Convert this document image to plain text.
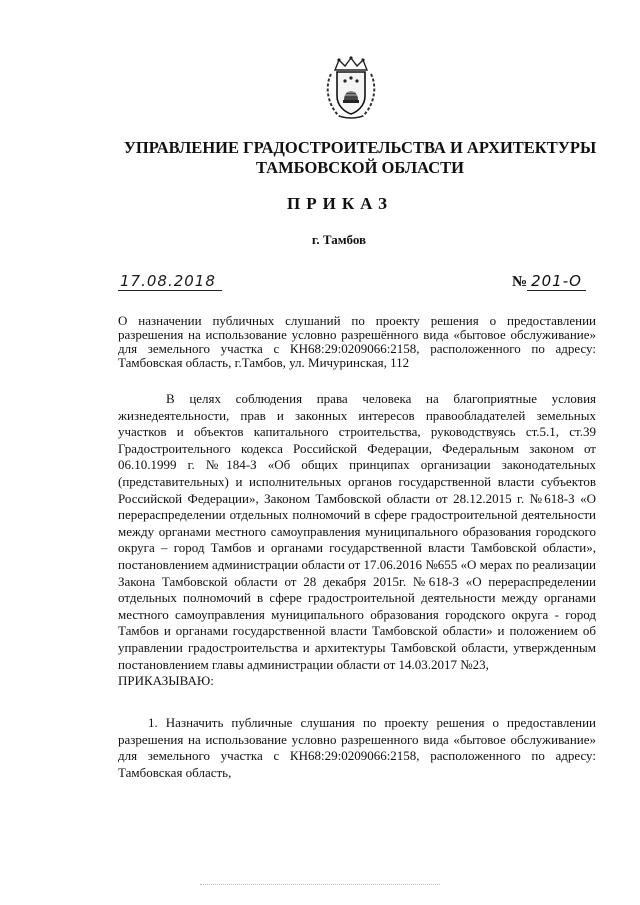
УПРАВЛЕНИЕ ГРАДОСТРОИТЕЛЬСТВА И АРХИТЕКТУРЫ
ТАМБОВСКОЙ ОБЛАСТИ
ПРИКАЗ
г. Тамбов
17.08.2018	№ 201-О
О назначении публичных слушаний по проекту решения о предоставлении разрешения на использование условно разрешённого вида «бытовое обслуживание» для земельного участка с КН68:29:0209066:2158, расположенного по адресу: Тамбовская область, г.Тамбов, ул. Мичуринская, 112

В целях соблюдения права человека на благоприятные условия жизнедеятельности, прав и законных интересов правообладателей земельных участков и объектов капитального строительства, руководствуясь ст.5.1, ст.39 Градостроительного кодекса Российской Федерации, Федеральным законом от 06.10.1999 г. №184-З «Об общих принципах организации законодательных (представительных) и исполнительных органов государственной власти субъектов Российской Федерации», Законом Тамбовской области от 28.12.2015 г. №618-З «О перераспределении отдельных полномочий в сфере градостроительной деятельности между органами местного самоуправления муниципального образования городского округа – город Тамбов и органами государственной власти Тамбовской области», постановлением администрации области от 17.06.2016 №655 «О мерах по реализации Закона Тамбовской области от 28 декабря 2015г. №618-З «О перераспределении отдельных полномочий в сфере градостроительной деятельности между органами местного самоуправления муниципального образования городского округа - город Тамбов и органами государственной власти Тамбовской области» и положением об управлении градостроительства и архитектуры Тамбовской области, утвержденным постановлением главы администрации области от 14.03.2017 №23,

ПРИКАЗЫВАЮ:

1. Назначить публичные слушания по проекту решения о предоставлении разрешения на использование условно разрешенного вида «бытовое обслуживание» для земельного участка с КН68:29:0209066:2158, расположенного по адресу: Тамбовская область,
